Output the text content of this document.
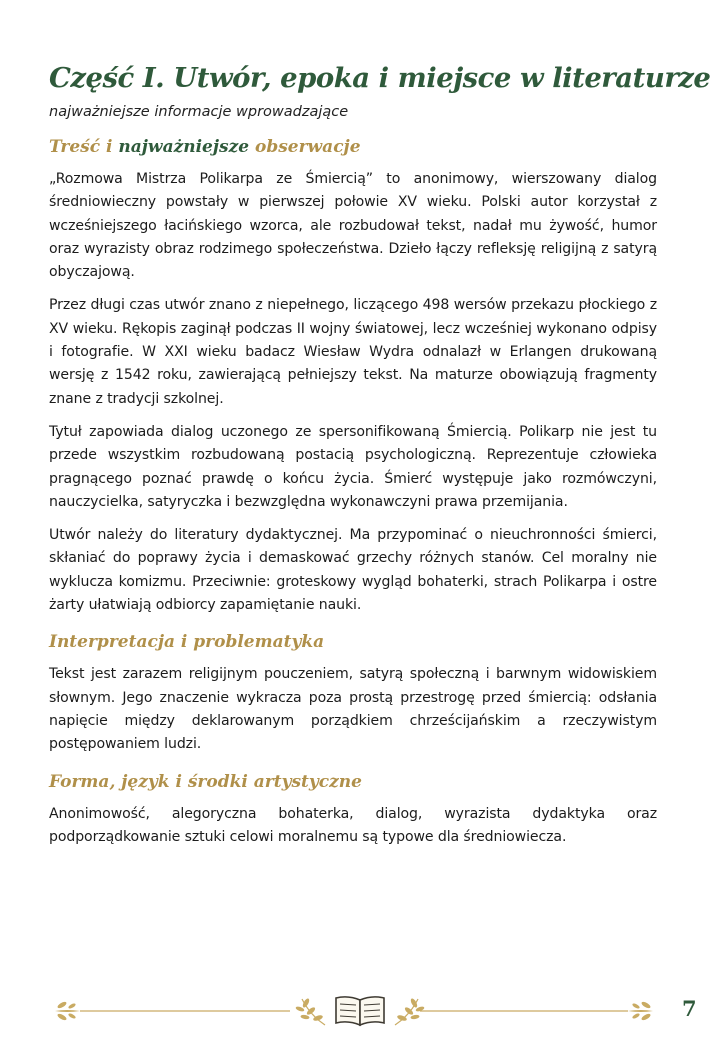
Część I. Utwór, epoka i miejsce w literaturze

najważniejsze informacje wprowadzające

Treść i najważniejsze obserwacje

„Rozmowa Mistrza Polikarpa ze Śmiercią” to anonimowy, wierszowany dialog średniowieczny powstały w pierwszej połowie XV wieku. Polski autor korzystał z wcześniejszego łacińskiego wzorca, ale rozbudował tekst, nadał mu żywość, humor oraz wyrazisty obraz rodzimego społeczeństwa. Dzieło łączy refleksję religijną z satyrą obyczajową.

Przez długi czas utwór znano z niepełnego, liczącego 498 wersów przekazu płockiego z XV wieku. Rękopis zaginął podczas II wojny światowej, lecz wcześniej wykonano odpisy i fotografie. W XXI wieku badacz Wiesław Wydra odnalazł w Erlangen drukowaną wersję z 1542 roku, zawierającą pełniejszy tekst. Na maturze obowiązują fragmenty znane z tradycji szkolnej.

Tytuł zapowiada dialog uczonego ze spersonifikowaną Śmiercią. Polikarp nie jest tu przede wszystkim rozbudowaną postacią psychologiczną. Reprezentuje człowieka pragnącego poznać prawdę o końcu życia. Śmierć występuje jako rozmówczyni, nauczycielka, satyryczka i bezwzględna wykonawczyni prawa przemijania.

Utwór należy do literatury dydaktycznej. Ma przypominać o nieuchronności śmierci, skłaniać do poprawy życia i demaskować grzechy różnych stanów. Cel moralny nie wyklucza komizmu. Przeciwnie: groteskowy wygląd bohaterki, strach Polikarpa i ostre żarty ułatwiają odbiorcy zapamiętanie nauki.

Interpretacja i problematyka

Tekst jest zarazem religijnym pouczeniem, satyrą społeczną i barwnym widowiskiem słownym. Jego znaczenie wykracza poza prostą przestrogę przed śmiercią: odsłania napięcie między deklarowanym porządkiem chrześcijańskim a rzeczywistym postępowaniem ludzi.

Forma, język i środki artystyczne

Anonimowość, alegoryczna bohaterka, dialog, wyrazista dydaktyka oraz podporządkowanie sztuki celowi moralnemu są typowe dla średniowiecza.

7
